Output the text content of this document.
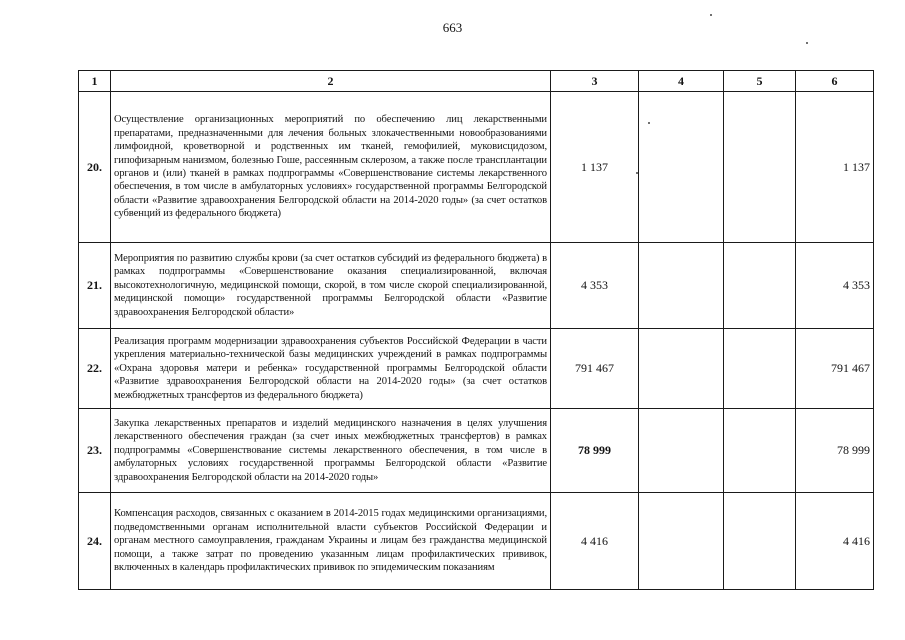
663
1	2	3	4	5	6
20.	Осуществление организационных мероприятий по обеспечению лиц лекарственными препаратами, предназначенными для лечения больных злокачественными новообразованиями лимфоидной, кроветворной и родственных им тканей, гемофилией, муковисцидозом, гипофизарным нанизмом, болезнью Гоше, рассеянным склерозом, а также после трансплантации органов и (или) тканей в рамках подпрограммы «Совершенствование системы лекарственного обеспечения, в том числе в амбулаторных условиях» государственной программы Белгородской области «Развитие здравоохранения Белгородской области на 2014-2020 годы» (за счет остатков субвенций из федерального бюджета)	1 137			1 137
21.	Мероприятия по развитию службы крови (за счет остатков субсидий из федерального бюджета) в рамках подпрограммы «Совершенствование оказания специализированной, включая высокотехнологичную, медицинской помощи, скорой, в том числе скорой специализированной, медицинской помощи» государственной программы Белгородской области «Развитие здравоохранения Белгородской области»	4 353			4 353
22.	Реализация программ модернизации здравоохранения субъектов Российской Федерации в части укрепления материально-технической базы медицинских учреждений в рамках подпрограммы «Охрана здоровья матери и ребенка» государственной программы Белгородской области «Развитие здравоохранения Белгородской области на 2014-2020 годы» (за счет остатков межбюджетных трансфертов из федерального бюджета)	791 467			791 467
23.	Закупка лекарственных препаратов и изделий медицинского назначения в целях улучшения лекарственного обеспечения граждан (за счет иных межбюджетных трансфертов) в рамках подпрограммы «Совершенствование системы лекарственного обеспечения, в том числе в амбулаторных условиях государственной программы Белгородской области «Развитие здравоохранения Белгородской области на 2014-2020 годы»	78 999			78 999
24.	Компенсация расходов, связанных с оказанием в 2014-2015 годах медицинскими организациями, подведомственными органам исполнительной власти субъектов Российской Федерации и органам местного самоуправления, гражданам Украины и лицам без гражданства медицинской помощи, а также затрат по проведению указанным лицам профилактических прививок, включенных в календарь профилактических прививок по эпидемическим показаниям	4 416			4 416
